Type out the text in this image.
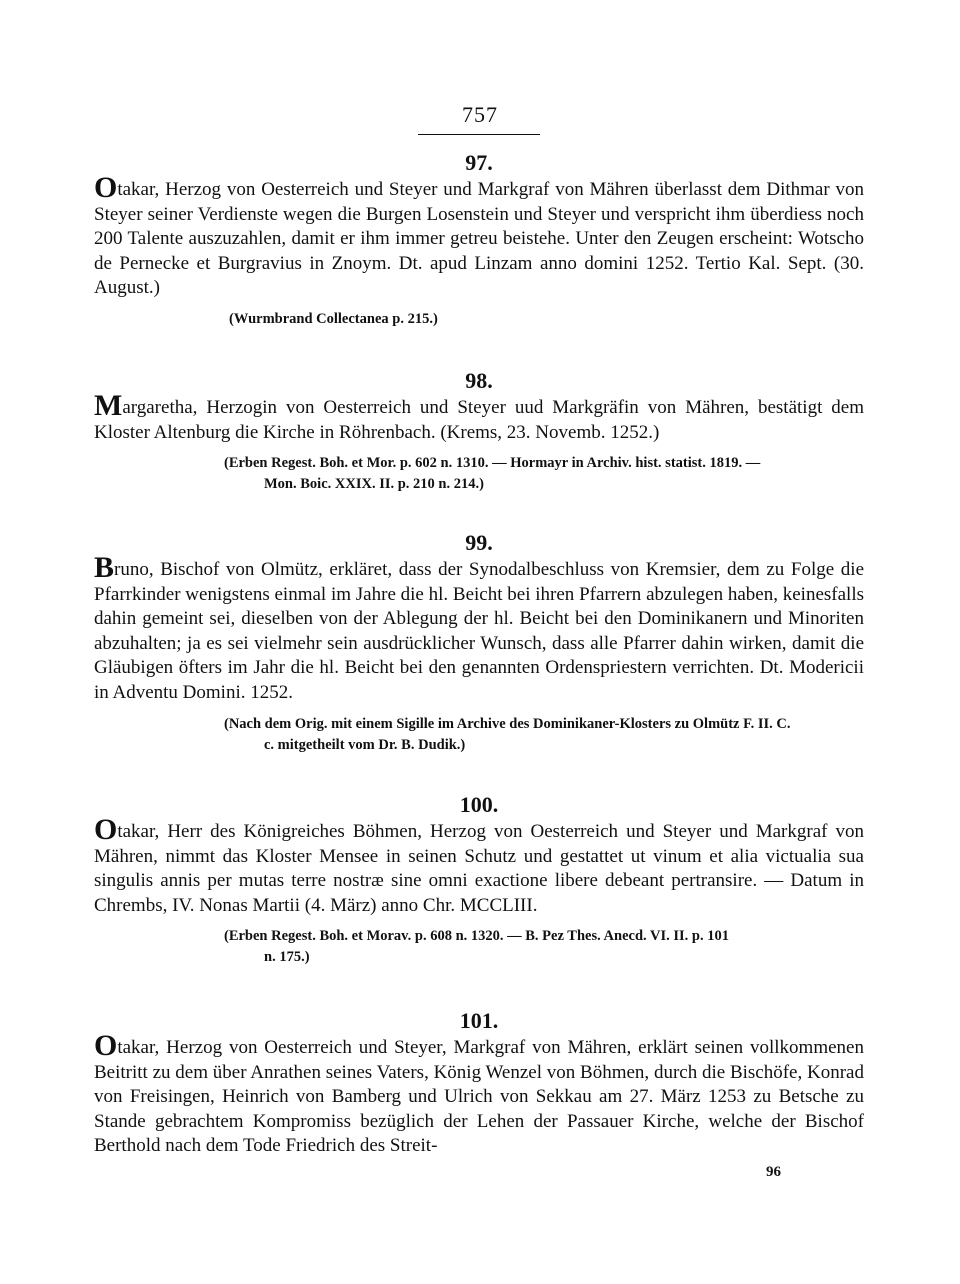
757
97.

Otakar, Herzog von Oesterreich und Steyer und Markgraf von Mähren überlasst dem Dithmar von Steyer seiner Verdienste wegen die Burgen Losenstein und Steyer und verspricht ihm überdiess noch 200 Talente auszuzahlen, damit er ihm immer getreu beistehe. Unter den Zeugen erscheint: Wotscho de Pernecke et Burgravius in Znoym. Dt. apud Linzam anno domini 1252. Tertio Kal. Sept. (30. August.)

(Wurmbrand Collectanea p. 215.)
98.

Margaretha, Herzogin von Oesterreich und Steyer uud Markgräfin von Mähren, bestätigt dem Kloster Altenburg die Kirche in Röhrenbach. (Krems, 23. Novemb. 1252.)

(Erben Regest. Boh. et Mor. p. 602 n. 1310. — Hormayr in Archiv. hist. statist. 1819. —
Mon. Boic. XXIX. II. p. 210 n. 214.)
99.

Bruno, Bischof von Olmütz, erkläret, dass der Synodalbeschluss von Kremsier, dem zu Folge die Pfarrkinder wenigstens einmal im Jahre die hl. Beicht bei ihren Pfarrern abzulegen haben, keinesfalls dahin gemeint sei, dieselben von der Ablegung der hl. Beicht bei den Dominikanern und Minoriten abzuhalten; ja es sei vielmehr sein ausdrücklicher Wunsch, dass alle Pfarrer dahin wirken, damit die Gläubigen öfters im Jahr die hl. Beicht bei den genannten Ordenspriestern verrichten. Dt. Modericii in Adventu Domini. 1252.

(Nach dem Orig. mit einem Sigille im Archive des Dominikaner-Klosters zu Olmütz F. II. C.
c. mitgetheilt vom Dr. B. Dudik.)
100.

Otakar, Herr des Königreiches Böhmen, Herzog von Oesterreich und Steyer und Markgraf von Mähren, nimmt das Kloster Mensee in seinen Schutz und gestattet ut vinum et alia victualia sua singulis annis per mutas terre nostræ sine omni exactione libere debeant pertransire. — Datum in Chrembs, IV. Nonas Martii (4. März) anno Chr. MCCLIII.

(Erben Regest. Boh. et Morav. p. 608 n. 1320. — B. Pez Thes. Anecd. VI. II. p. 101
n. 175.)
101.

Otakar, Herzog von Oesterreich und Steyer, Markgraf von Mähren, erklärt seinen vollkommenen Beitritt zu dem über Anrathen seines Vaters, König Wenzel von Böhmen, durch die Bischöfe, Konrad von Freisingen, Heinrich von Bamberg und Ulrich von Sekkau am 27. März 1253 zu Betsche zu Stande gebrachtem Kompromiss bezüglich der Lehen der Passauer Kirche, welche der Bischof Berthold nach dem Tode Friedrich des Streit-

96
